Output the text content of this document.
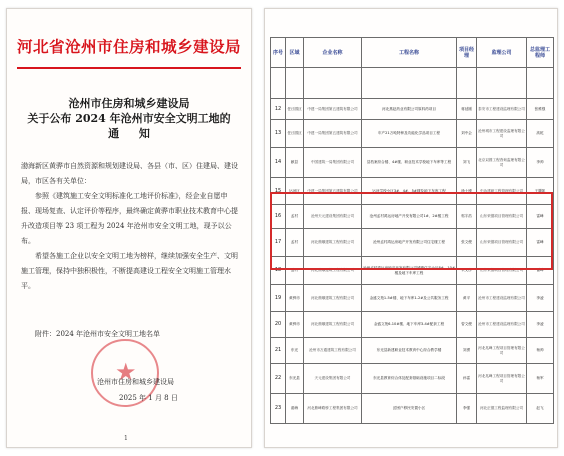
河北省沧州市住房和城乡建设局
沧州市住房和城乡建设局
关于公布 2024 年沧州市安全文明工地的
通 知
渤海新区黄骅市自然资源和规划建设局、各县（市、区）住建局、建设局，市区各有关单位：
参照《建筑施工安全文明标准化工地评价标准》，经企业自愿申报、现场复查、认定评价等程序，最终确定黄骅市职业技术教育中心提升改造项目等 23 项工程为 2024 年沧州市安全文明工地，现予以公布。
希望各施工企业以安全文明工地为榜样，继续加强安全生产、文明施工管理，保持中独积极性，不断提高建设工程安全文明施工管理水平。
附件：2024 年沧州市安全文明工地名单
★
沧州市住房和城乡建设局
2025 年 1 月 8 日
1
序号	区域	企业名称	工程名称	项目经理	监理公司	总监理工程师

12	任丘园区	中建一局集团第五建筑有限公司	河北燕赵药业有限公司原料药项目	蒋延刚	泰安市工程建设监理有限公司	张维强
13	任丘园区	中建一局集团第五建筑有限公司	年产21万吨特种及功能化学品项目工程	刘中会	沧州城市工程建设监理有限公司	高乾
14	献县	中国建筑一局集团有限公司	县档案综合楼、4#楼、职业技术学校地下车库等工程	刘飞	北京双圆工程咨询监理有限公司	李帅
15	运河区	中建一局集团第五建筑有限公司	运河学校小区3#、4#、5#楼及地下车库工程	徐士博	中冶建研工程管理有限公司	王腾凯
16	孟村	沧州天元建设集团有限公司	沧州孟村鸿运房地产开发有限公司1#、2#楼工程	郭宇浩	山东荣德项目管理有限公司	雷峰
17	孟村	河北鼎顺建筑工程有限公司	沧州孟村鸿运房地产开发有限公司住宅楼工程	张文俊	山东荣德项目管理有限公司	雷峰
18	孟村	河北鼎顺建筑工程有限公司	沧州孟村鸿运房地产开发有限公司城镇住宅小区8#、10#楼及地下车库工程	朱文彦	山东荣德项目管理有限公司	雷峰
19	黄骅市	河北鼎顺建筑工程有限公司	金盛文苑1-5#楼、地下车库1-2#及公共服务工程	黄平	沧州市工程建设监理有限公司	李凌
20	黄骅市	河北鼎顺建筑工程有限公司	金盛文苑6-10#楼、地下车库3-4#配套工程	曾文俊	沧州市工程建设监理有限公司	李凌
21	东光	沧州市万通建筑工程有限公司	东光县新建职业技术教育中心综合教学楼	刘勇	河北兆峰工程项目管理有限公司	杨帅
22	东光县	天元建设集团有限公司	东光县教育综合体及配套基础设施项目二标段	孙雷	河北兆峰工程项目管理有限公司	杨军
23	渤海	河北鼎峰路桥工程集团有限公司	贫困户移民安置小区	李强	河北正德工程监理有限公司	赵飞
